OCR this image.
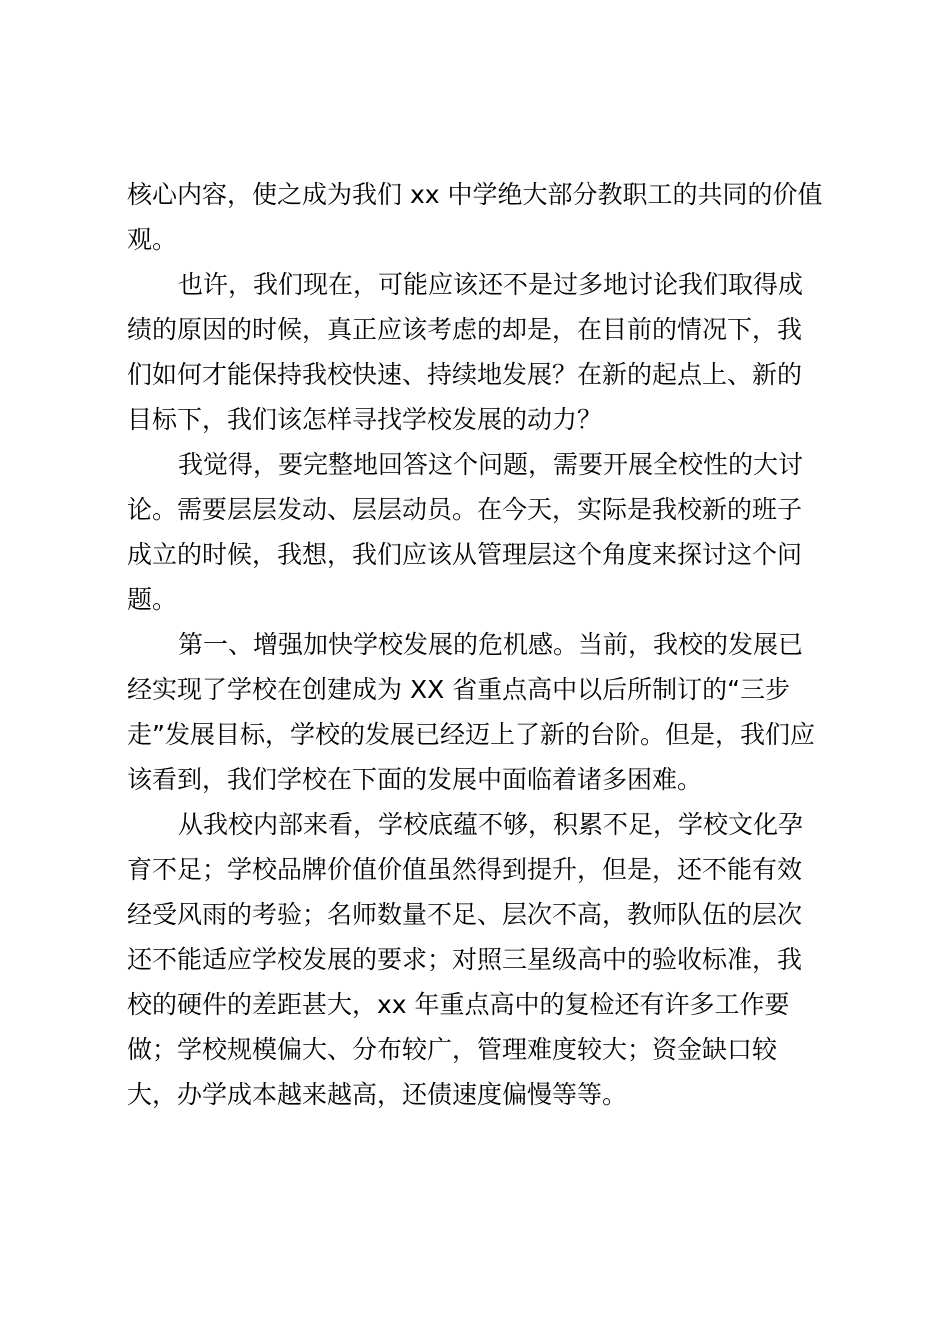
核心内容，使之成为我们 xx 中学绝大部分教职工的共同的价值
观。
也许，我们现在，可能应该还不是过多地讨论我们取得成
绩的原因的时候，真正应该考虑的却是，在目前的情况下，我
们如何才能保持我校快速、持续地发展？在新的起点上、新的
目标下，我们该怎样寻找学校发展的动力？
我觉得，要完整地回答这个问题，需要开展全校性的大讨
论。需要层层发动、层层动员。在今天，实际是我校新的班子
成立的时候，我想，我们应该从管理层这个角度来探讨这个问
题。
第一、增强加快学校发展的危机感。当前，我校的发展已
经实现了学校在创建成为 XX 省重点高中以后所制订的“三步
走”发展目标，学校的发展已经迈上了新的台阶。但是，我们应
该看到，我们学校在下面的发展中面临着诸多困难。
从我校内部来看，学校底蕴不够，积累不足，学校文化孕
育不足；学校品牌价值价值虽然得到提升，但是，还不能有效
经受风雨的考验；名师数量不足、层次不高，教师队伍的层次
还不能适应学校发展的要求；对照三星级高中的验收标准，我
校的硬件的差距甚大，xx 年重点高中的复检还有许多工作要
做；学校规模偏大、分布较广，管理难度较大；资金缺口较
大，办学成本越来越高，还债速度偏慢等等。
